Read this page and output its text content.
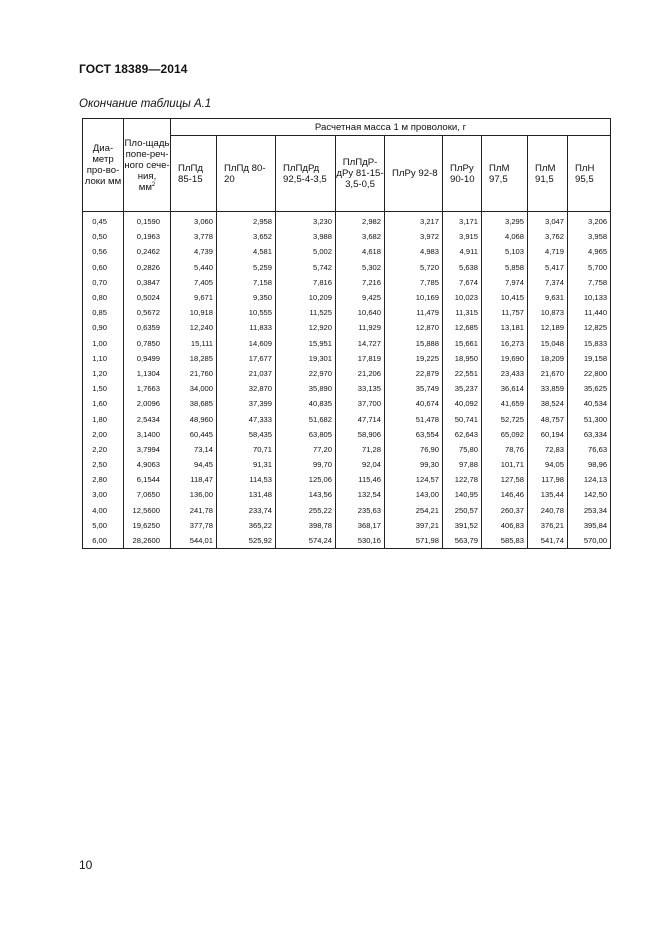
ГОСТ 18389—2014
Окончание таблицы А.1
Диа-метр про-во-локи мм	Пло-щадь попе-реч-ного сече-ния,
$мм^2$	Расчетная масса 1 м проволоки, г								
		ПлПд 85-15	ПлПд 80-20	ПлПдРд 92,5-4-3,5	ПлПдР-дРу 81-15-3,5-0,5	ПлРу 92-8	ПлРу 90-10	ПлМ 97,5	ПлМ 91,5	ПлН 95,5
0,45	0,1590	3,060	2,958	3,230	2,982	3,217	3,171	3,295	3,047	3,206
0,50	0,1963	3,778	3,652	3,988	3,682	3,972	3,915	4,068	3,762	3,958
0,56	0,2462	4,739	4,581	5,002	4,618	4,983	4,911	5,103	4,719	4,965
0,60	0,2826	5,440	5,259	5,742	5,302	5,720	5,638	5,858	5,417	5,700
0,70	0,3847	7,405	7,158	7,816	7,216	7,785	7,674	7,974	7,374	7,758
0,80	0,5024	9,671	9,350	10,209	9,425	10,169	10,023	10,415	9,631	10,133
0,85	0,5672	10,918	10,555	11,525	10,640	11,479	11,315	11,757	10,873	11,440
0,90	0,6359	12,240	11,833	12,920	11,929	12,870	12,685	13,181	12,189	12,825
1,00	0,7850	15,111	14,609	15,951	14,727	15,888	15,661	16,273	15,048	15,833
1,10	0,9499	18,285	17,677	19,301	17,819	19,225	18,950	19,690	18,209	19,158
1,20	1,1304	21,760	21,037	22,970	21,206	22,879	22,551	23,433	21,670	22,800
1,50	1,7663	34,000	32,870	35,890	33,135	35,749	35,237	36,614	33,859	35,625
1,60	2,0096	38,685	37,399	40,835	37,700	40,674	40,092	41,659	38,524	40,534
1,80	2,5434	48,960	47,333	51,682	47,714	51,478	50,741	52,725	48,757	51,300
2,00	3,1400	60,445	58,435	63,805	58,906	63,554	62,643	65,092	60,194	63,334
2,20	3,7994	73,14	70,71	77,20	71,28	76,90	75,80	78,76	72,83	76,63
2,50	4,9063	94,45	91,31	99,70	92,04	99,30	97,88	101,71	94,05	98,96
2,80	6,1544	118,47	114,53	125,06	115,46	124,57	122,78	127,58	117,98	124,13
3,00	7,0650	136,00	131,48	143,56	132,54	143,00	140,95	146,46	135,44	142,50
4,00	12,5600	241,78	233,74	255,22	235,63	254,21	250,57	260,37	240,78	253,34
5,00	19,6250	377,78	365,22	398,78	368,17	397,21	391,52	406,83	376,21	395,84
6,00	28,2600	544,01	525,92	574,24	530,16	571,98	563,79	585,83	541,74	570,00
10
